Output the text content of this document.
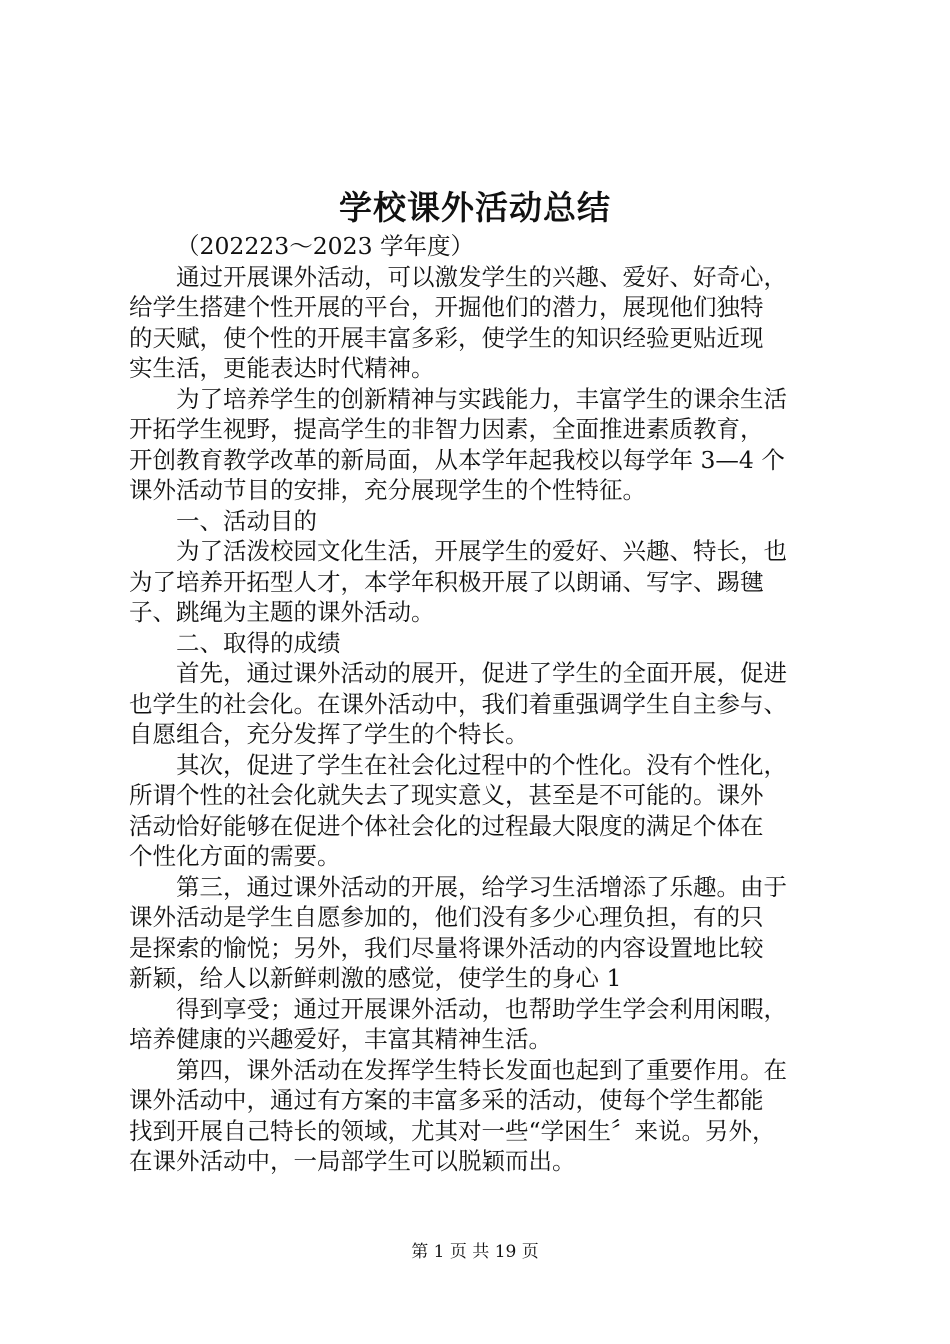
学校课外活动总结
（202223～2023 学年度）
通过开展课外活动，可以激发学生的兴趣、爱好、好奇心，
给学生搭建个性开展的平台，开掘他们的潜力，展现他们独特
的天赋，使个性的开展丰富多彩，使学生的知识经验更贴近现
实生活，更能表达时代精神。
为了培养学生的创新精神与实践能力，丰富学生的课余生活
开拓学生视野，提高学生的非智力因素，全面推进素质教育，
开创教育教学改革的新局面，从本学年起我校以每学年 3—4 个
课外活动节目的安排，充分展现学生的个性特征。
一、活动目的
为了活泼校园文化生活，开展学生的爱好、兴趣、特长，也
为了培养开拓型人才，本学年积极开展了以朗诵、写字、踢毽
子、跳绳为主题的课外活动。
二、取得的成绩
首先，通过课外活动的展开，促进了学生的全面开展，促进
也学生的社会化。在课外活动中，我们着重强调学生自主参与、
自愿组合，充分发挥了学生的个特长。
其次，促进了学生在社会化过程中的个性化。没有个性化，
所谓个性的社会化就失去了现实意义，甚至是不可能的。课外
活动恰好能够在促进个体社会化的过程最大限度的满足个体在
个性化方面的需要。
第三，通过课外活动的开展，给学习生活增添了乐趣。由于
课外活动是学生自愿参加的，他们没有多少心理负担，有的只
是探索的愉悦；另外，我们尽量将课外活动的内容设置地比较
新颖，给人以新鲜刺激的感觉，使学生的身心 1
得到享受；通过开展课外活动，也帮助学生学会利用闲暇，
培养健康的兴趣爱好，丰富其精神生活。
第四，课外活动在发挥学生特长发面也起到了重要作用。在
课外活动中，通过有方案的丰富多采的活动，使每个学生都能
找到开展自己特长的领域，尤其对一些“学困生〞来说。另外，
在课外活动中，一局部学生可以脱颖而出。
第 1 页 共 19 页
